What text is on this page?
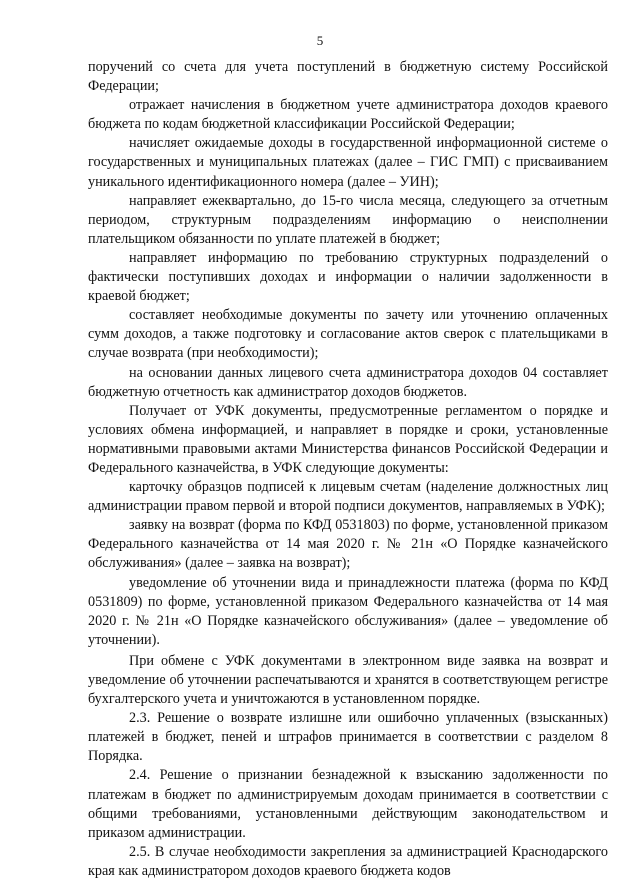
5

поручений со счета для учета поступлений в бюджетную систему Российской Федерации;

отражает начисления в бюджетном учете администратора доходов краевого бюджета по кодам бюджетной классификации Российской Федерации;

начисляет ожидаемые доходы в государственной информационной системе о государственных и муниципальных платежах (далее – ГИС ГМП) с присваиванием уникального идентификационного номера (далее – УИН);

направляет ежеквартально, до 15-го числа месяца, следующего за отчетным периодом, структурным подразделениям информацию о неисполнении плательщиком обязанности по уплате платежей в бюджет;

направляет информацию по требованию структурных подразделений о фактически поступивших доходах и информации о наличии задолженности в краевой бюджет;

составляет необходимые документы по зачету или уточнению оплаченных сумм доходов, а также подготовку и согласование актов сверок с плательщиками в случае возврата (при необходимости);

на основании данных лицевого счета администратора доходов 04 составляет бюджетную отчетность как администратор доходов бюджетов.

Получает от УФК документы, предусмотренные регламентом о порядке и условиях обмена информацией, и направляет в порядке и сроки, установленные нормативными правовыми актами Министерства финансов Российской Федерации и Федерального казначейства, в УФК следующие документы:

карточку образцов подписей к лицевым счетам (наделение должностных лиц администрации правом первой и второй подписи документов, направляемых в УФК);

заявку на возврат (форма по КФД 0531803) по форме, установленной приказом Федерального казначейства от 14 мая 2020 г. № 21н «О Порядке казначейского обслуживания» (далее – заявка на возврат);

уведомление об уточнении вида и принадлежности платежа (форма по КФД 0531809) по форме, установленной приказом Федерального казначейства от 14 мая 2020 г. № 21н «О Порядке казначейского обслуживания» (далее – уведомление об уточнении).

При обмене с УФК документами в электронном виде заявка на возврат и уведомление об уточнении распечатываются и хранятся в соответствующем регистре бухгалтерского учета и уничтожаются в установленном порядке.

2.3. Решение о возврате излишне или ошибочно уплаченных (взысканных) платежей в бюджет, пеней и штрафов принимается в соответствии с разделом 8 Порядка.

2.4. Решение о признании безнадежной к взысканию задолженности по платежам в бюджет по администрируемым доходам принимается в соответствии с общими требованиями, установленными действующим законодательством и приказом администрации.

2.5. В случае необходимости закрепления за администрацией Краснодарского края как администратором доходов краевого бюджета кодов
